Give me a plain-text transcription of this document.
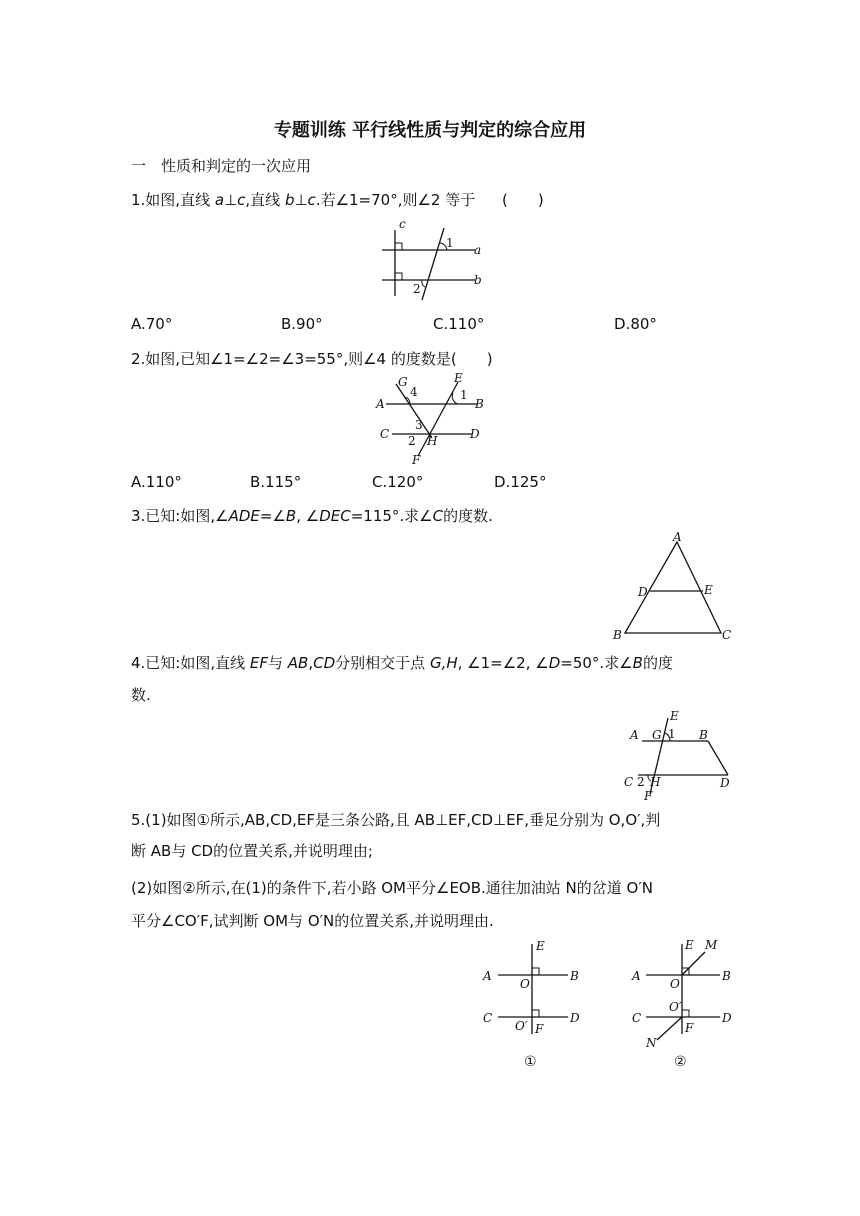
专题训练 平行线性质与判定的综合应用
一　性质和判定的一次应用
1.如图,直线 a⊥c,直线 b⊥c.若∠1=70°,则∠2 等于 (　　)
c
1 a
b
2
A.70°	B.90°	C.110°	D.80°
2.如图,已知∠1=∠2=∠3=55°,则∠4 的度数是(　　)
G
4
E
1
A	B
3
C	D
2 H
F
A.110°	B.115°	C.120°	D.125°
3.已知:如图,∠ADE=∠B, ∠DEC=115°.求∠C的度数.
A
D	E
B	C
4.已知:如图,直线 EF与 AB,CD分别相交于点 G,H, ∠1=∠2, ∠D=50°.求∠B的度
数.
E
A G 1 B
C 2 H	D
F
5.(1)如图①所示,AB,CD,EF是三条公路,且 AB⊥EF,CD⊥EF,垂足分别为 O,O′,判
断 AB与 CD的位置关系,并说明理由;
(2)如图②所示,在(1)的条件下,若小路 OM平分∠EOB.通往加油站 N的岔道 O′N
平分∠CO′F,试判断 OM与 O′N的位置关系,并说明理由.
E
A	B
O
C	D
O′ F
①
E M
A	B
O
O′
C	D
F
N
②
